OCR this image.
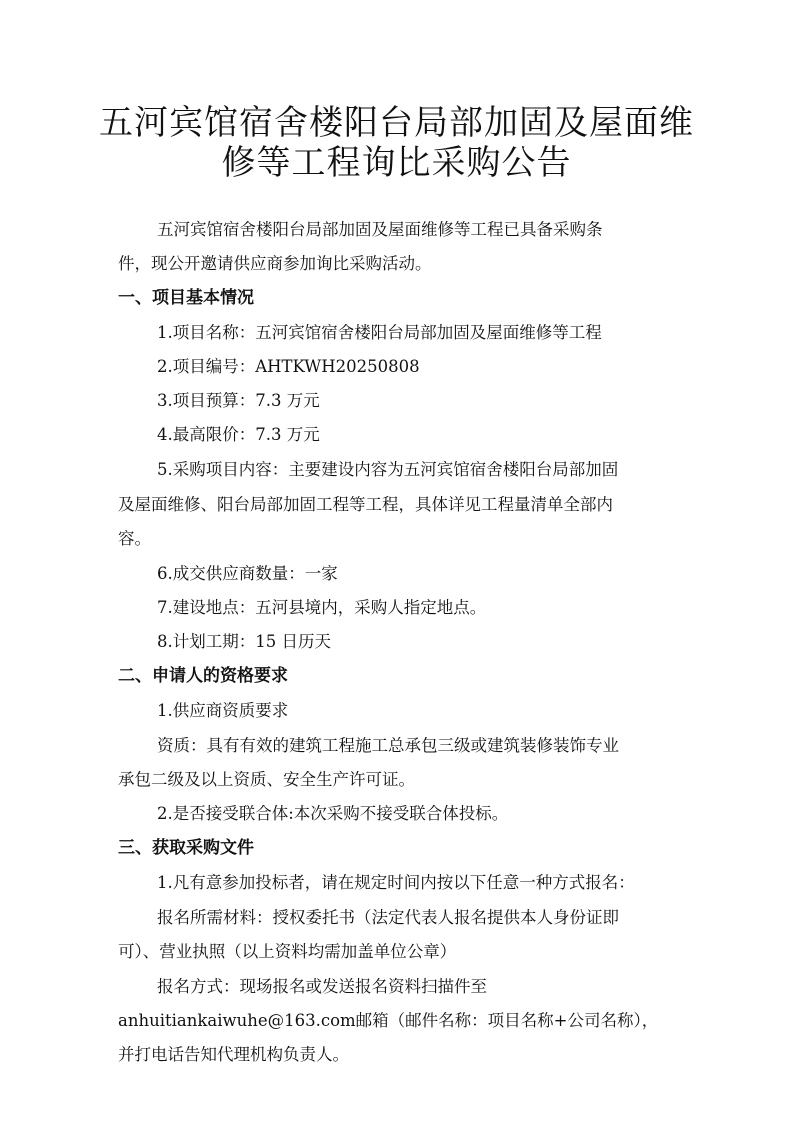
五河宾馆宿舍楼阳台局部加固及屋面维
修等工程询比采购公告
五河宾馆宿舍楼阳台局部加固及屋面维修等工程已具备采购条
件，现公开邀请供应商参加询比采购活动。
一、项目基本情况
1.项目名称：五河宾馆宿舍楼阳台局部加固及屋面维修等工程
2.项目编号：AHTKWH20250808
3.项目预算：7.3 万元
4.最高限价：7.3 万元
5.采购项目内容：主要建设内容为五河宾馆宿舍楼阳台局部加固
及屋面维修、阳台局部加固工程等工程，具体详见工程量清单全部内
容。
6.成交供应商数量：一家
7.建设地点：五河县境内，采购人指定地点。
8.计划工期：15 日历天
二、申请人的资格要求
1.供应商资质要求
资质：具有有效的建筑工程施工总承包三级或建筑装修装饰专业
承包二级及以上资质、安全生产许可证。
2.是否接受联合体:本次采购不接受联合体投标。
三、获取采购文件
1.凡有意参加投标者，请在规定时间内按以下任意一种方式报名：
报名所需材料：授权委托书（法定代表人报名提供本人身份证即
可）、营业执照（以上资料均需加盖单位公章）
报名方式：现场报名或发送报名资料扫描件至
anhuitiankaiwuhe@163.com邮箱（邮件名称：项目名称+公司名称），
并打电话告知代理机构负责人。
